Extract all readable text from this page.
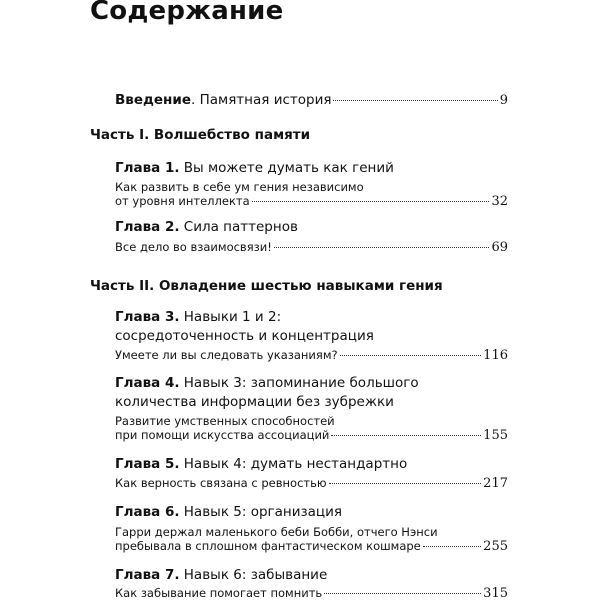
Содержание
Введение. Памятная история	9
Часть I. Волшебство памяти
Глава 1. Вы можете думать как гений
Как развить в себе ум гения независимо
от уровня интеллекта	32
Глава 2. Сила паттернов
Все дело во взаимосвязи!	69
Часть II. Овладение шестью навыками гения
Глава 3. Навыки 1 и 2:
сосредоточенность и концентрация
Умеете ли вы следовать указаниям?	116
Глава 4. Навык 3: запоминание большого
количества информации без зубрежки
Развитие умственных способностей
при помощи искусства ассоциаций	155
Глава 5. Навык 4: думать нестандартно
Как верность связана с ревностью	217
Глава 6. Навык 5: организация
Гарри держал маленького беби Бобби, отчего Нэнси
пребывала в сплошном фантастическом кошмаре	255
Глава 7. Навык 6: забывание
Как забывание помогает помнить	315
